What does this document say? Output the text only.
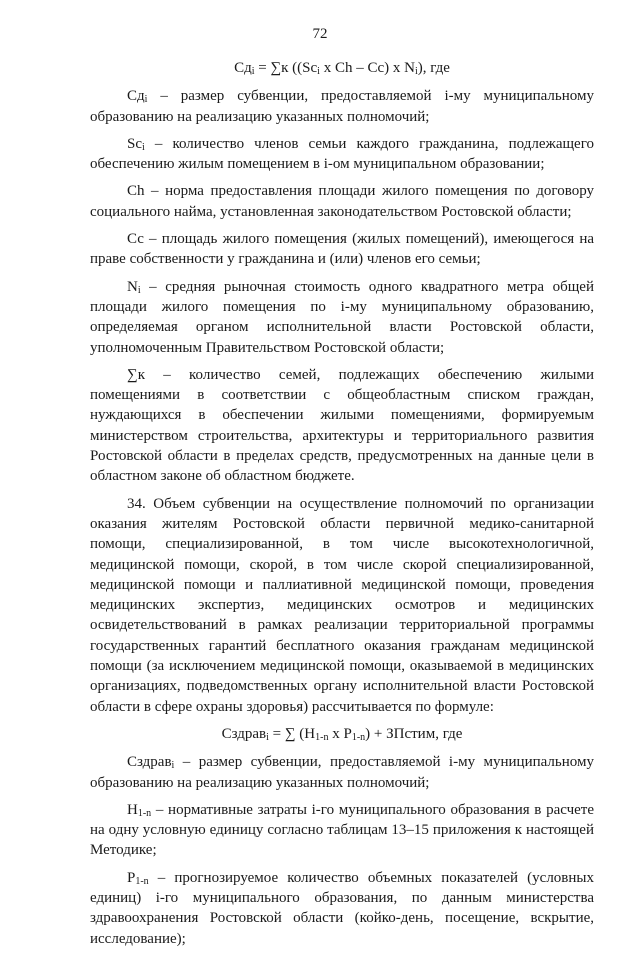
72

$Сд_i = \sum к$ (($Sc_i$ x Ch – Cc) x $N_i$), где

$Сд_i$ – размер субвенции, предоставляемой i-му муниципальному образованию на реализацию указанных полномочий;

$Sc_i$ – количество членов семьи каждого гражданина, подлежащего обеспечению жилым помещением в i-ом муниципальном образовании;

Ch – норма предоставления площади жилого помещения по договору социального найма, установленная законодательством Ростовской области;

Сс – площадь жилого помещения (жилых помещений), имеющегося на праве собственности у гражданина и (или) членов его семьи;

$N_i$ – средняя рыночная стоимость одного квадратного метра общей площади жилого помещения по i-му муниципальному образованию, определяемая органом исполнительной власти Ростовской области, уполномоченным Правительством Ростовской области;

∑к – количество семей, подлежащих обеспечению жилыми помещениями в соответствии с общеобластным списком граждан, нуждающихся в обеспечении жилыми помещениями, формируемым министерством строительства, архитектуры и территориального развития Ростовской области в пределах средств, предусмотренных на данные цели в областном законе об областном бюджете.

34. Объем субвенции на осуществление полномочий по организации оказания жителям Ростовской области первичной медико-санитарной помощи, специализированной, в том числе высокотехнологичной, медицинской помощи, скорой, в том числе скорой специализированной, медицинской помощи и паллиативной медицинской помощи, проведения медицинских экспертиз, медицинских осмотров и медицинских освидетельствований в рамках реализации территориальной программы государственных гарантий бесплатного оказания гражданам медицинской помощи (за исключением медицинской помощи, оказываемой в медицинских организациях, подведомственных органу исполнительной власти Ростовской области в сфере охраны здоровья) рассчитывается по формуле:

Сздрав$_i$ = ∑ ($Н_{1-n}$ x $Р_{1-n}$) + ЗПстим, где

Сздрав$_i$ – размер субвенции, предоставляемой i-му муниципальному образованию на реализацию указанных полномочий;

$Н_{1-n}$ – нормативные затраты i-го муниципального образования в расчете на одну условную единицу согласно таблицам 13–15 приложения к настоящей Методике;

$Р_{1-n}$ – прогнозируемое количество объемных показателей (условных единиц) i-го муниципального образования, по данным министерства здравоохранения Ростовской области (койко-день, посещение, вскрытие, исследование);
